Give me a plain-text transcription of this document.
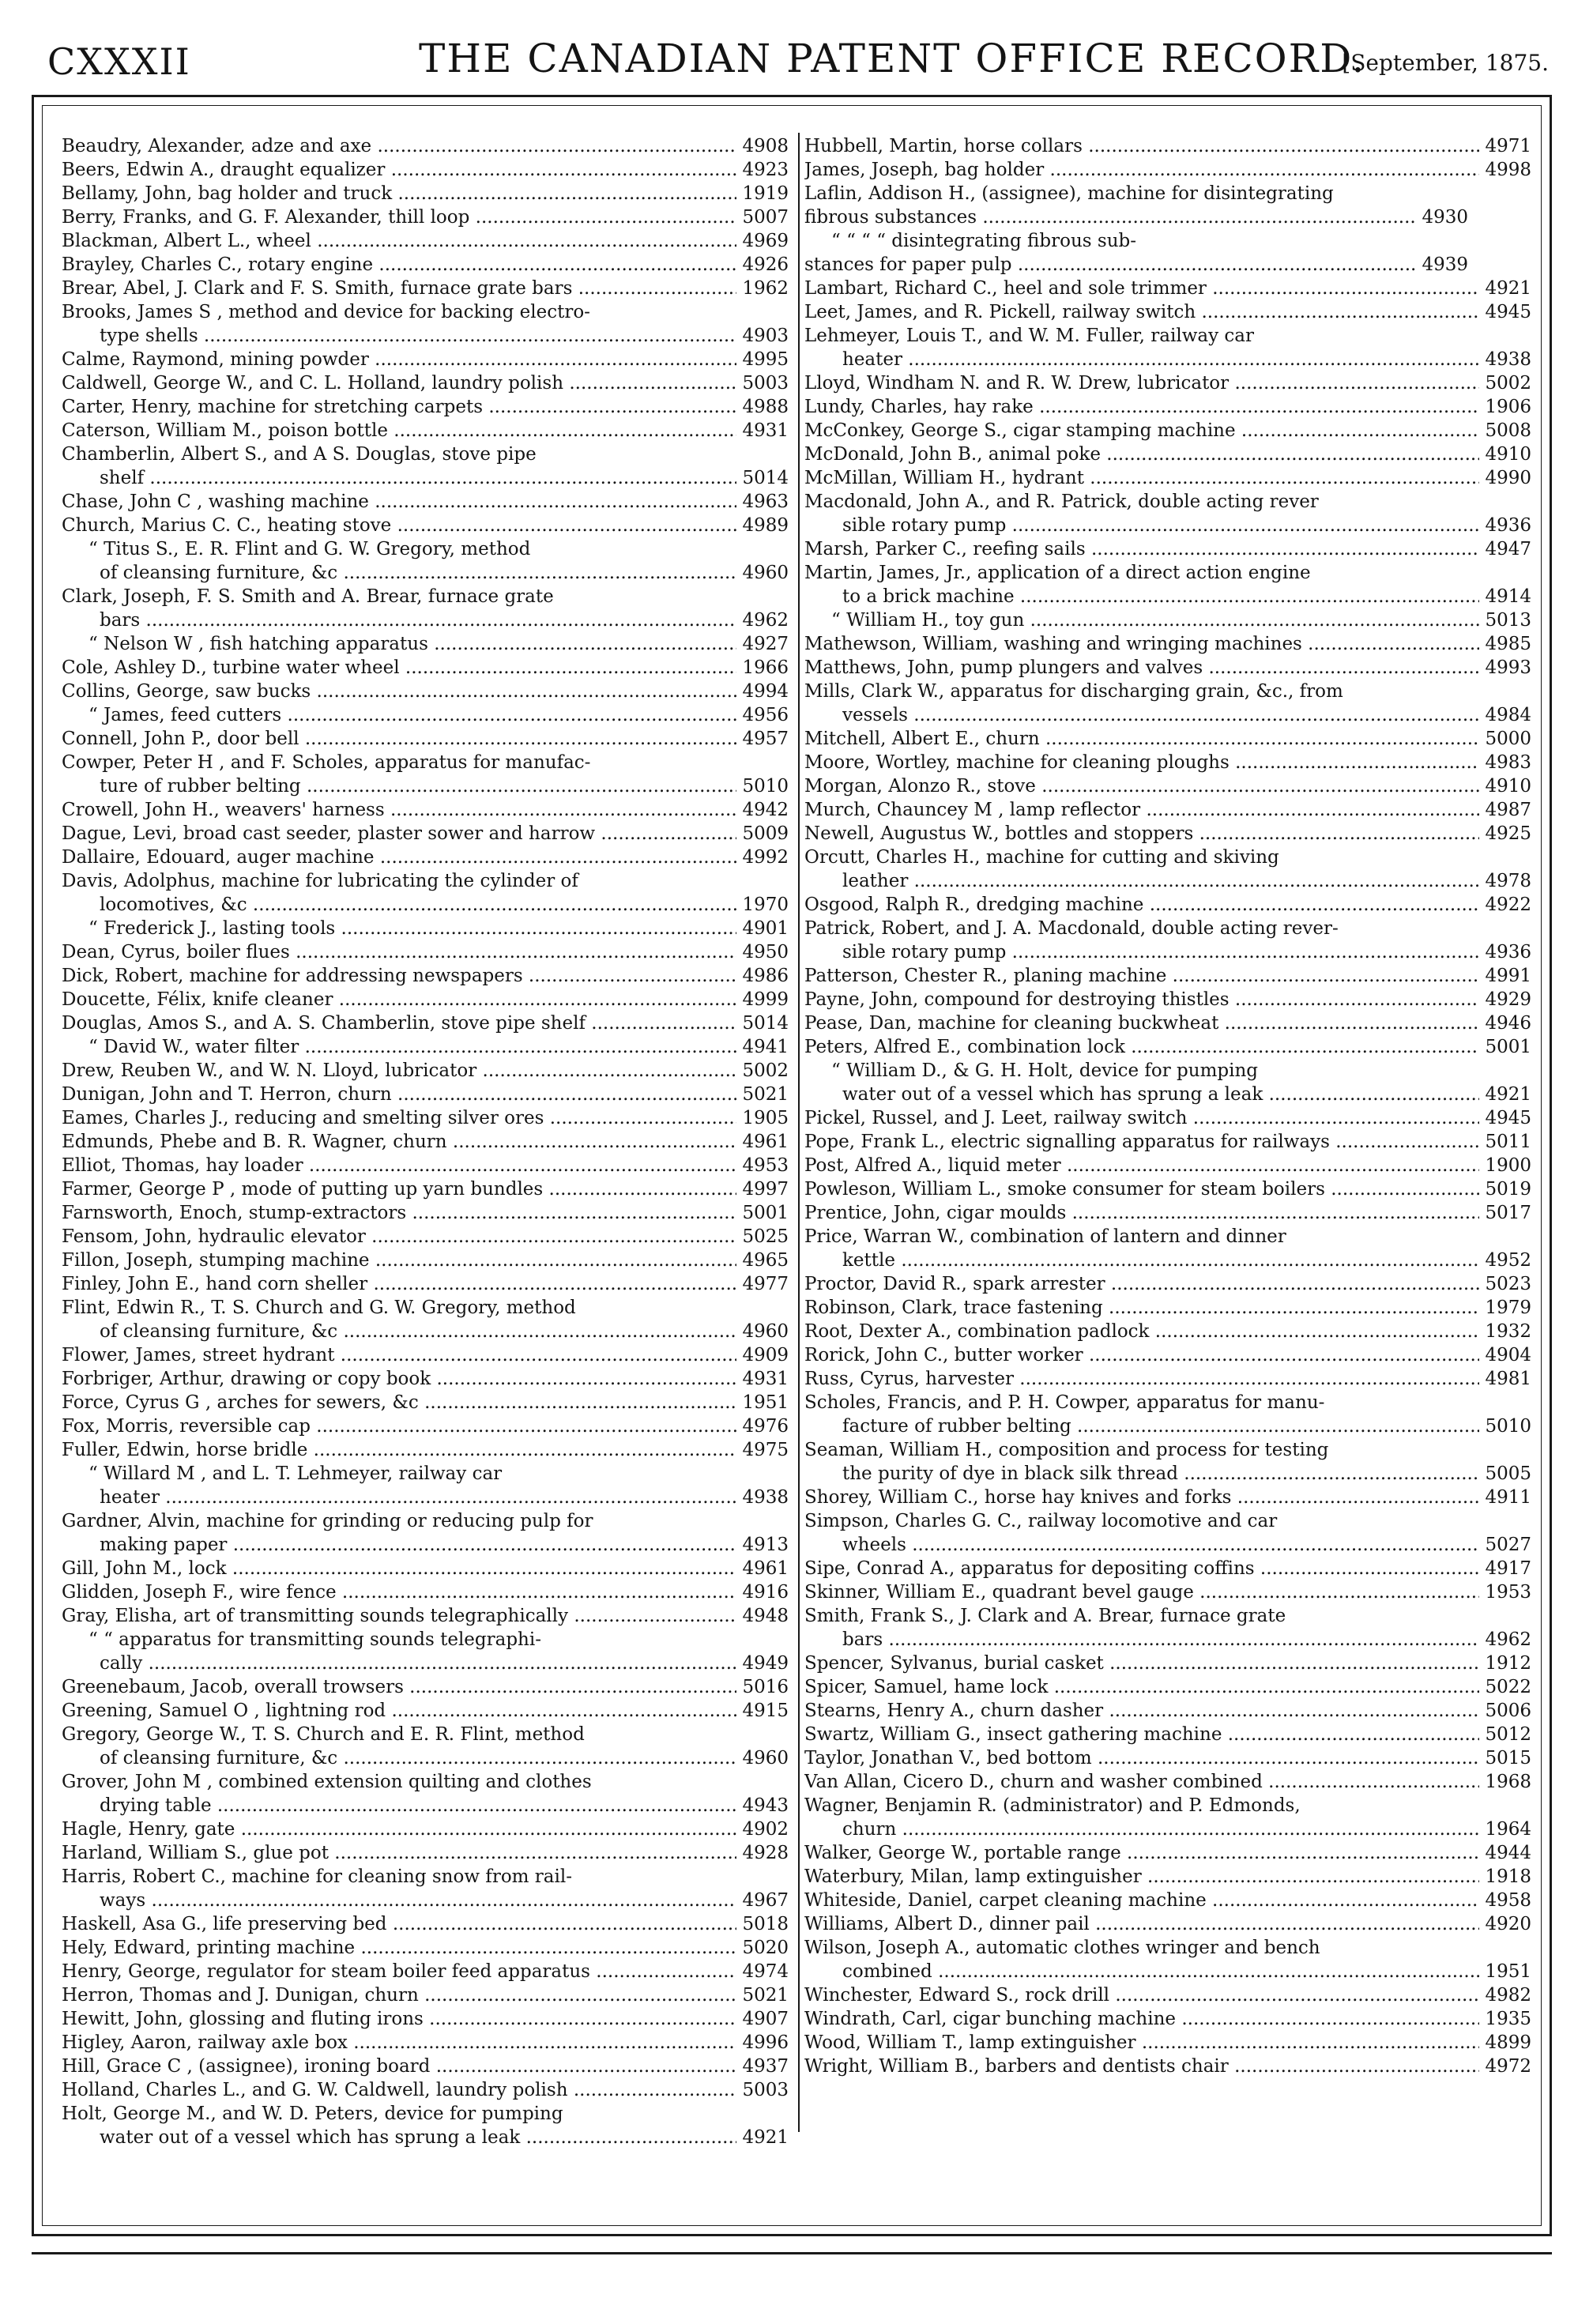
CXXXII	THE CANADIAN PATENT OFFICE RECORD.
[September, 1875.
Beaudry, Alexander, adze and axe .....	4908
Beers, Edwin A., draught equalizer .....	4923
Bellamy, John, bag holder and truck .....	1919
Berry, Franks, and G. F. Alexander, thill loop .....	5007
Blackman, Albert L., wheel .....	4969
Brayley, Charles C., rotary engine .....	4926
Brear, Abel, J. Clark and F. S. Smith, furnace grate bars .....	1962
Brooks, James S , method and device for backing electro-
type shells .....	4903
Calme, Raymond, mining powder .....	4995
Caldwell, George W., and C. L. Holland, laundry polish .....	5003
Carter, Henry, machine for stretching carpets .....	4988
Caterson, William M., poison bottle .....	4931
Chamberlin, Albert S., and A S. Douglas, stove pipe
shelf .....	5014
Chase, John C , washing machine .....	4963
Church, Marius C. C., heating stove .....	4989
“ Titus S., E. R. Flint and G. W. Gregory, method
of cleansing furniture, &c .....	4960
Clark, Joseph, F. S. Smith and A. Brear, furnace grate
bars .....	4962
“ Nelson W , fish hatching apparatus .....	4927
Cole, Ashley D., turbine water wheel .....	1966
Collins, George, saw bucks .....	4994
“ James, feed cutters .....	4956
Connell, John P., door bell .....	4957
Cowper, Peter H , and F. Scholes, apparatus for manufac-
ture of rubber belting .....	5010
Crowell, John H., weavers' harness .....	4942
Dague, Levi, broad cast seeder, plaster sower and harrow .....	5009
Dallaire, Edouard, auger machine .....	4992
Davis, Adolphus, machine for lubricating the cylinder of
locomotives, &c .....	1970
“ Frederick J., lasting tools .....	4901
Dean, Cyrus, boiler flues .....	4950
Dick, Robert, machine for addressing newspapers .....	4986
Doucette, Félix, knife cleaner .....	4999
Douglas, Amos S., and A. S. Chamberlin, stove pipe shelf .....	5014
“ David W., water filter .....	4941
Drew, Reuben W., and W. N. Lloyd, lubricator .....	5002
Dunigan, John and T. Herron, churn .....	5021
Eames, Charles J., reducing and smelting silver ores .....	1905
Edmunds, Phebe and B. R. Wagner, churn .....	4961
Elliot, Thomas, hay loader .....	4953
Farmer, George P , mode of putting up yarn bundles .....	4997
Farnsworth, Enoch, stump-extractors .....	5001
Fensom, John, hydraulic elevator .....	5025
Fillon, Joseph, stumping machine .....	4965
Finley, John E., hand corn sheller .....	4977
Flint, Edwin R., T. S. Church and G. W. Gregory, method
of cleansing furniture, &c .....	4960
Flower, James, street hydrant .....	4909
Forbriger, Arthur, drawing or copy book .....	4931
Force, Cyrus G , arches for sewers, &c .....	1951
Fox, Morris, reversible cap .....	4976
Fuller, Edwin, horse bridle .....	4975
“ Willard M , and L. T. Lehmeyer, railway car
heater .....	4938
Gardner, Alvin, machine for grinding or reducing pulp for
making paper .....	4913
Gill, John M., lock .....	4961
Glidden, Joseph F., wire fence .....	4916
Gray, Elisha, art of transmitting sounds telegraphically .....	4948
“ “ apparatus for transmitting sounds telegraphi-
cally .....	4949
Greenebaum, Jacob, overall trowsers .....	5016
Greening, Samuel O , lightning rod .....	4915
Gregory, George W., T. S. Church and E. R. Flint, method
of cleansing furniture, &c .....	4960
Grover, John M , combined extension quilting and clothes
drying table .....	4943
Hagle, Henry, gate .....	4902
Harland, William S., glue pot .....	4928
Harris, Robert C., machine for cleaning snow from rail-
ways .....	4967
Haskell, Asa G., life preserving bed .....	5018
Hely, Edward, printing machine .....	5020
Henry, George, regulator for steam boiler feed apparatus .....	4974
Herron, Thomas and J. Dunigan, churn .....	5021
Hewitt, John, glossing and fluting irons .....	4907
Higley, Aaron, railway axle box .....	4996
Hill, Grace C , (assignee), ironing board .....	4937
Holland, Charles L., and G. W. Caldwell, laundry polish .....	5003
Holt, George M., and W. D. Peters, device for pumping
water out of a vessel which has sprung a leak .....	4921
Hubbell, Martin, horse collars .....	4971
James, Joseph, bag holder .....	4998
Laflin, Addison H., (assignee), machine for disintegrating
fibrous substances .....	4930
“ “ “ “ disintegrating fibrous sub-
stances for paper pulp .....	4939
Lambart, Richard C., heel and sole trimmer .....	4921
Leet, James, and R. Pickell, railway switch .....	4945
Lehmeyer, Louis T., and W. M. Fuller, railway car
heater .....	4938
Lloyd, Windham N. and R. W. Drew, lubricator .....	5002
Lundy, Charles, hay rake .....	1906
McConkey, George S., cigar stamping machine .....	5008
McDonald, John B., animal poke .....	4910
McMillan, William H., hydrant .....	4990
Macdonald, John A., and R. Patrick, double acting rever
sible rotary pump .....	4936
Marsh, Parker C., reefing sails .....	4947
Martin, James, Jr., application of a direct action engine
to a brick machine .....	4914
“ William H., toy gun .....	5013
Mathewson, William, washing and wringing machines .....	4985
Matthews, John, pump plungers and valves .....	4993
Mills, Clark W., apparatus for discharging grain, &c., from
vessels .....	4984
Mitchell, Albert E., churn .....	5000
Moore, Wortley, machine for cleaning ploughs .....	4983
Morgan, Alonzo R., stove .....	4910
Murch, Chauncey M , lamp reflector .....	4987
Newell, Augustus W., bottles and stoppers .....	4925
Orcutt, Charles H., machine for cutting and skiving
leather .....	4978
Osgood, Ralph R., dredging machine .....	4922
Patrick, Robert, and J. A. Macdonald, double acting rever-
sible rotary pump .....	4936
Patterson, Chester R., planing machine .....	4991
Payne, John, compound for destroying thistles .....	4929
Pease, Dan, machine for cleaning buckwheat .....	4946
Peters, Alfred E., combination lock .....	5001
“ William D., & G. H. Holt, device for pumping
water out of a vessel which has sprung a leak .....	4921
Pickel, Russel, and J. Leet, railway switch .....	4945
Pope, Frank L., electric signalling apparatus for railways .....	5011
Post, Alfred A., liquid meter .....	1900
Powleson, William L., smoke consumer for steam boilers .....	5019
Prentice, John, cigar moulds .....	5017
Price, Warran W., combination of lantern and dinner
kettle .....	4952
Proctor, David R., spark arrester .....	5023
Robinson, Clark, trace fastening .....	1979
Root, Dexter A., combination padlock .....	1932
Rorick, John C., butter worker .....	4904
Russ, Cyrus, harvester .....	4981
Scholes, Francis, and P. H. Cowper, apparatus for manu-
facture of rubber belting .....	5010
Seaman, William H., composition and process for testing
the purity of dye in black silk thread .....	5005
Shorey, William C., horse hay knives and forks .....	4911
Simpson, Charles G. C., railway locomotive and car
wheels .....	5027
Sipe, Conrad A., apparatus for depositing coffins .....	4917
Skinner, William E., quadrant bevel gauge .....	1953
Smith, Frank S., J. Clark and A. Brear, furnace grate
bars .....	4962
Spencer, Sylvanus, burial casket .....	1912
Spicer, Samuel, hame lock .....	5022
Stearns, Henry A., churn dasher .....	5006
Swartz, William G., insect gathering machine .....	5012
Taylor, Jonathan V., bed bottom .....	5015
Van Allan, Cicero D., churn and washer combined .....	1968
Wagner, Benjamin R. (administrator) and P. Edmonds,
churn .....	1964
Walker, George W., portable range .....	4944
Waterbury, Milan, lamp extinguisher .....	1918
Whiteside, Daniel, carpet cleaning machine .....	4958
Williams, Albert D., dinner pail .....	4920
Wilson, Joseph A., automatic clothes wringer and bench
combined .....	1951
Winchester, Edward S., rock drill .....	4982
Windrath, Carl, cigar bunching machine .....	1935
Wood, William T., lamp extinguisher .....	4899
Wright, William B., barbers and dentists chair .....	4972
